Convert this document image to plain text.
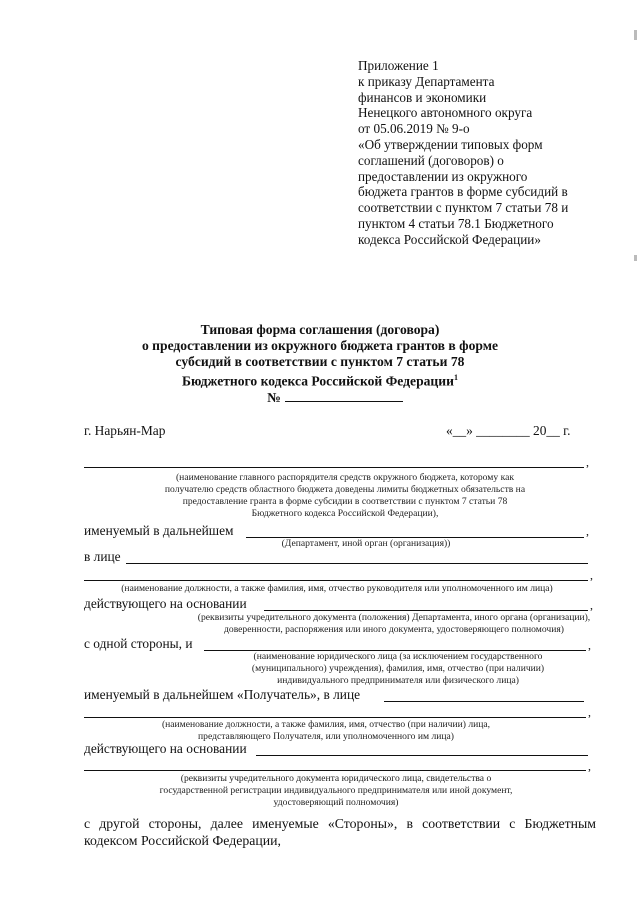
Приложение 1
к приказу Департамента
финансов и экономики
Ненецкого автономного округа
от 05.06.2019 № 9-о
«Об утверждении типовых форм
соглашений (договоров) о
предоставлении из окружного
бюджета грантов в форме субсидий в
соответствии с пунктом 7 статьи 78 и
пунктом 4 статьи 78.1 Бюджетного
кодекса Российской Федерации»
Типовая форма соглашения (договора)
о предоставлении из окружного бюджета грантов в форме
субсидий в соответствии с пунктом 7 статьи 78
Бюджетного кодекса Российской Федерации$^1$
№
г. Нарьян-Мар	«__» ________ 20__ г.
,
(наименование главного распорядителя средств окружного бюджета, которому как получателю средств областного бюджета доведены лимиты бюджетных обязательств на предоставление гранта в форме субсидии в соответствии с пунктом 7 статьи 78 Бюджетного кодекса Российской Федерации),
именуемый в дальнейшем	,
(Департамент, иной орган (организация))
в лице
,
(наименование должности, а также фамилия, имя, отчество руководителя или уполномоченного им лица)
действующего на основании	,
(реквизиты учредительного документа (положения) Департамента, иного органа (организации), доверенности, распоряжения или иного документа, удостоверяющего полномочия)
с одной стороны, и	,
(наименование юридического лица (за исключением государственного (муниципального) учреждения), фамилия, имя, отчество (при наличии) индивидуального предпринимателя или физического лица)
именуемый в дальнейшем «Получатель», в лице
,
(наименование должности, а также фамилия, имя, отчество (при наличии) лица, представляющего Получателя, или уполномоченного им лица)
действующего на основании
,
(реквизиты учредительного документа юридического лица, свидетельства о государственной регистрации индивидуального предпринимателя или иной документ, удостоверяющий полномочия)
с другой стороны, далее именуемые «Стороны», в соответствии с Бюджетным
кодексом Российской Федерации,
